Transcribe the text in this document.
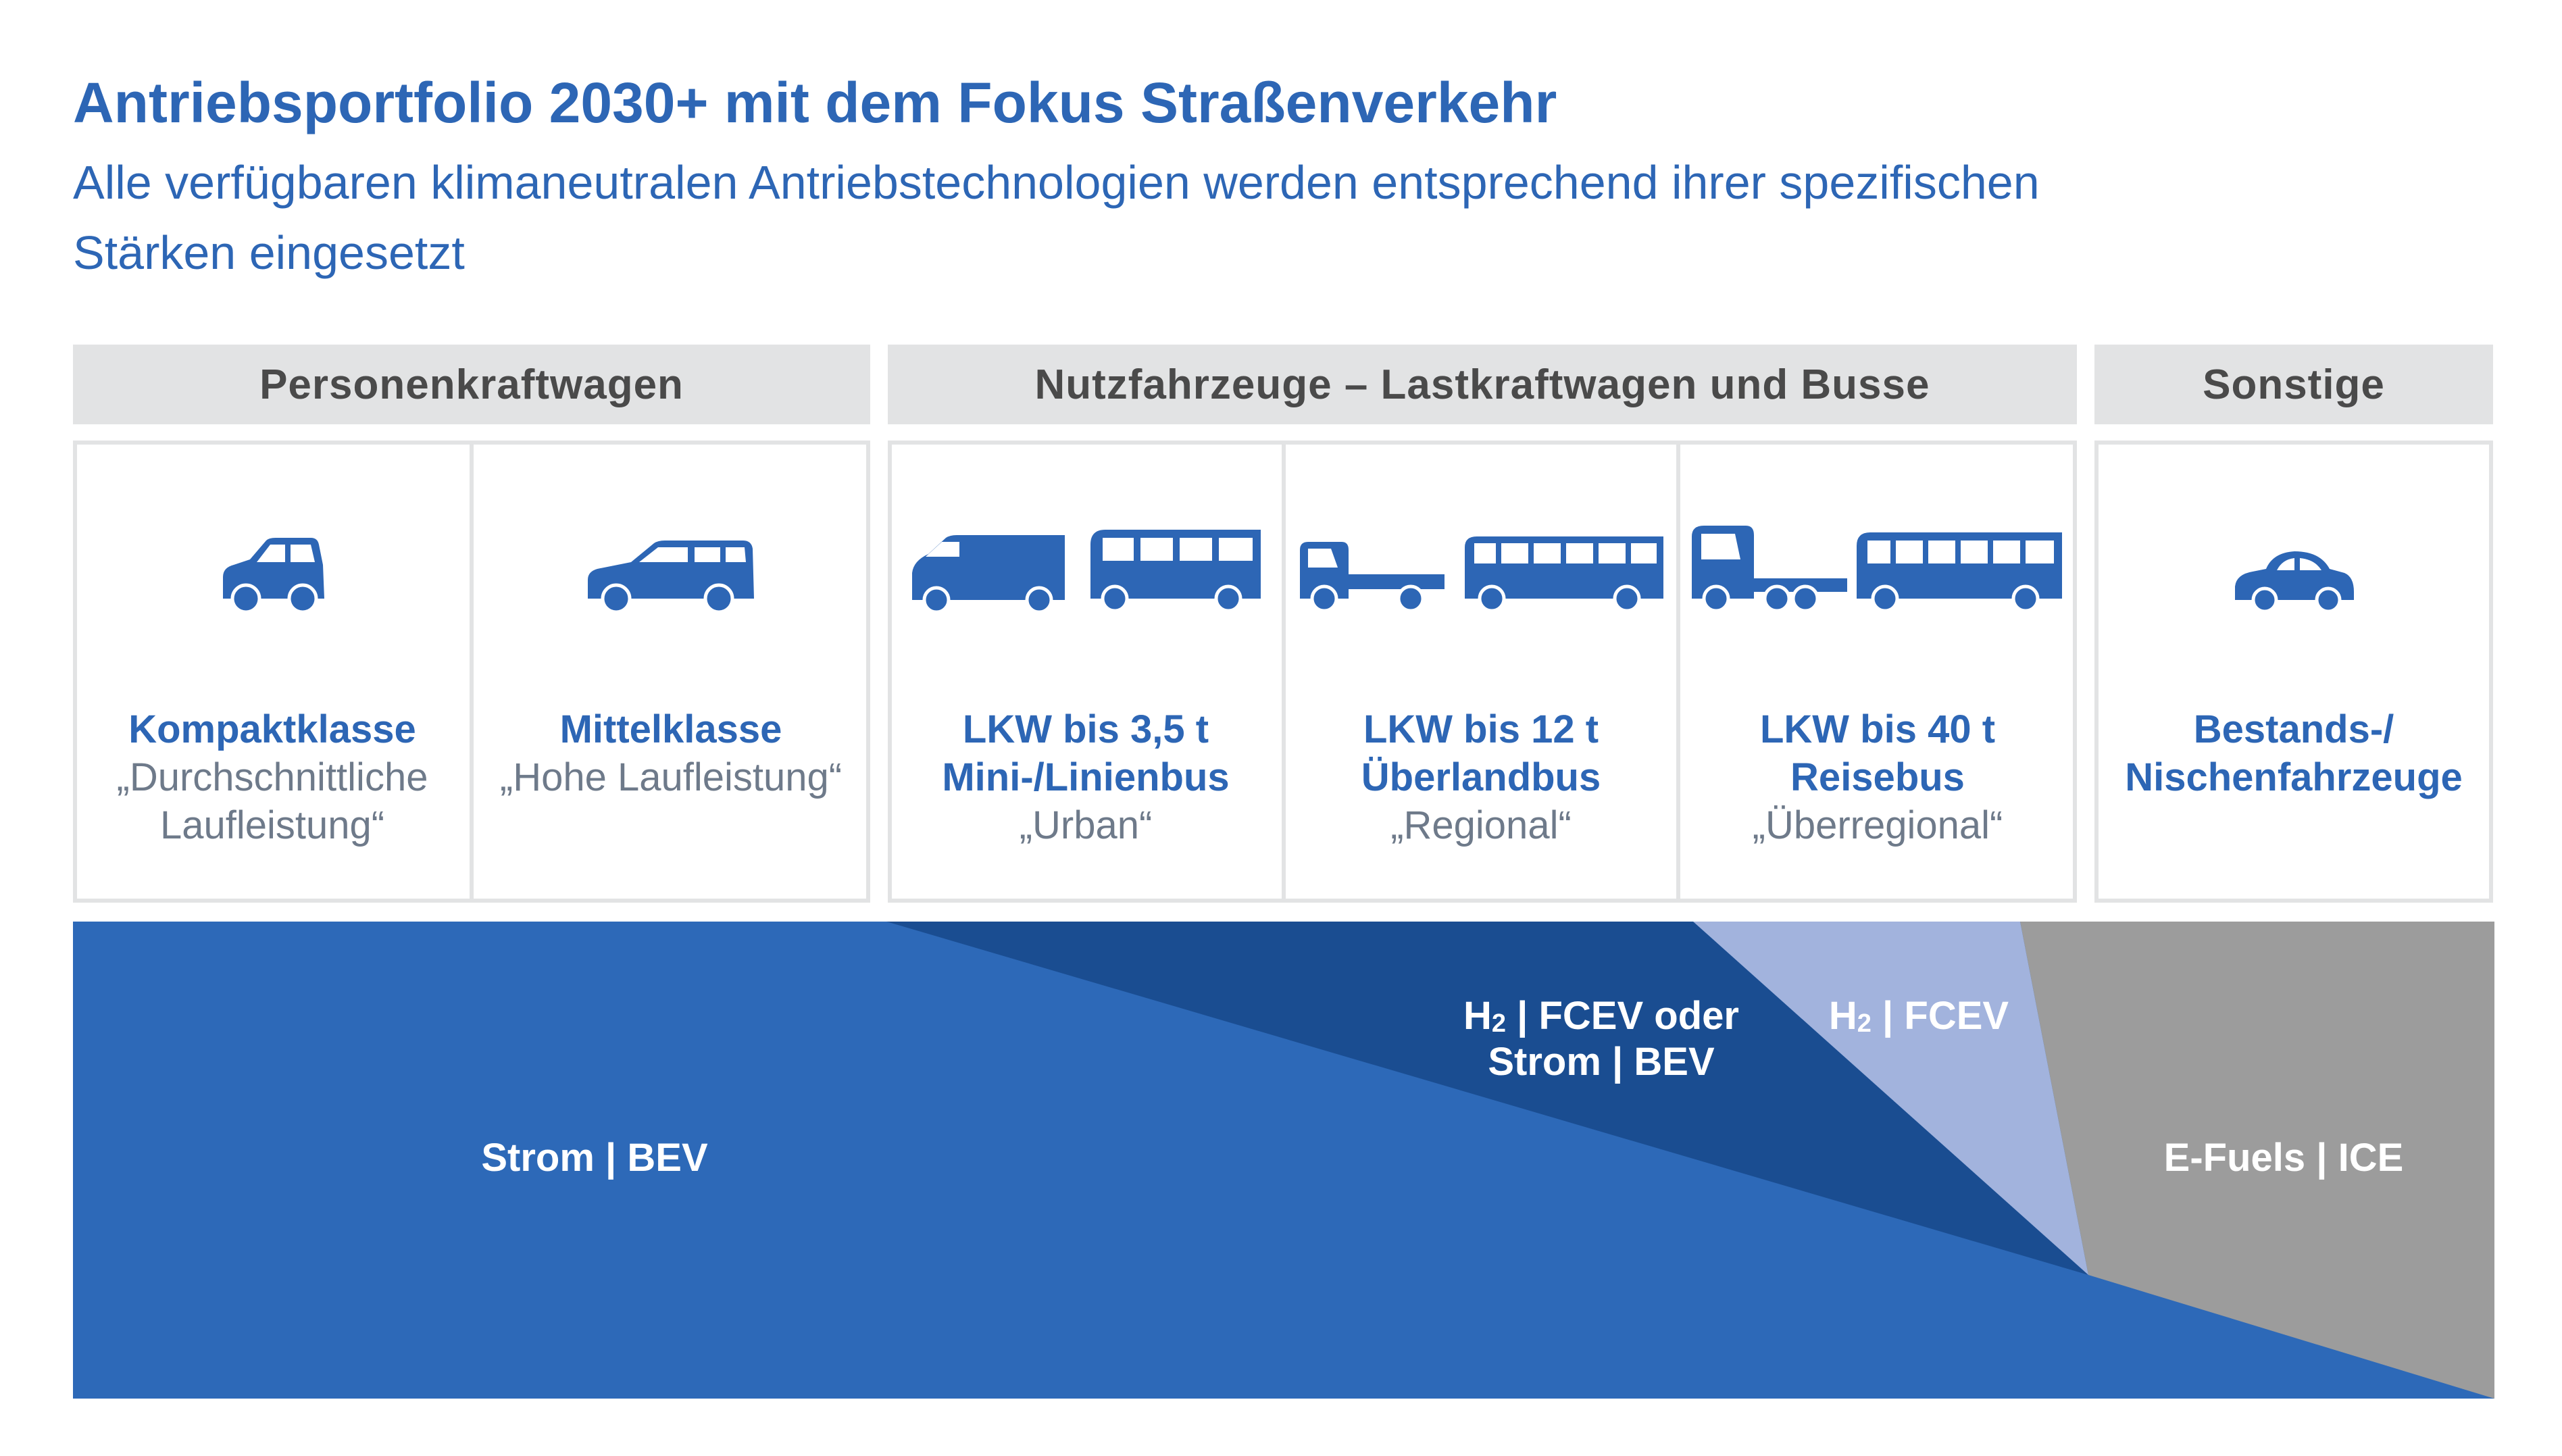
Antriebsportfolio 2030+ mit dem Fokus Straßenverkehr
Alle verfügbaren klimaneutralen Antriebstechnologien werden entsprechend ihrer spezifischen Stärken eingesetzt
Personenkraftwagen	Nutzfahrzeuge – Lastkraftwagen und Busse	Sonstige
Kompaktklasse
„Durchschnittliche Laufleistung“
Mittelklasse
„Hohe Laufleistung“
LKW bis 3,5 t
Mini-/Linienbus
„Urban“
LKW bis 12 t
Überlandbus
„Regional“
LKW bis 40 t
Reisebus
„Überregional“
Bestands-/
Nischenfahrzeuge
Strom | BEV
$H_2$ | FCEV oder
Strom | BEV
$H_2$ | FCEV
E-Fuels | ICE
